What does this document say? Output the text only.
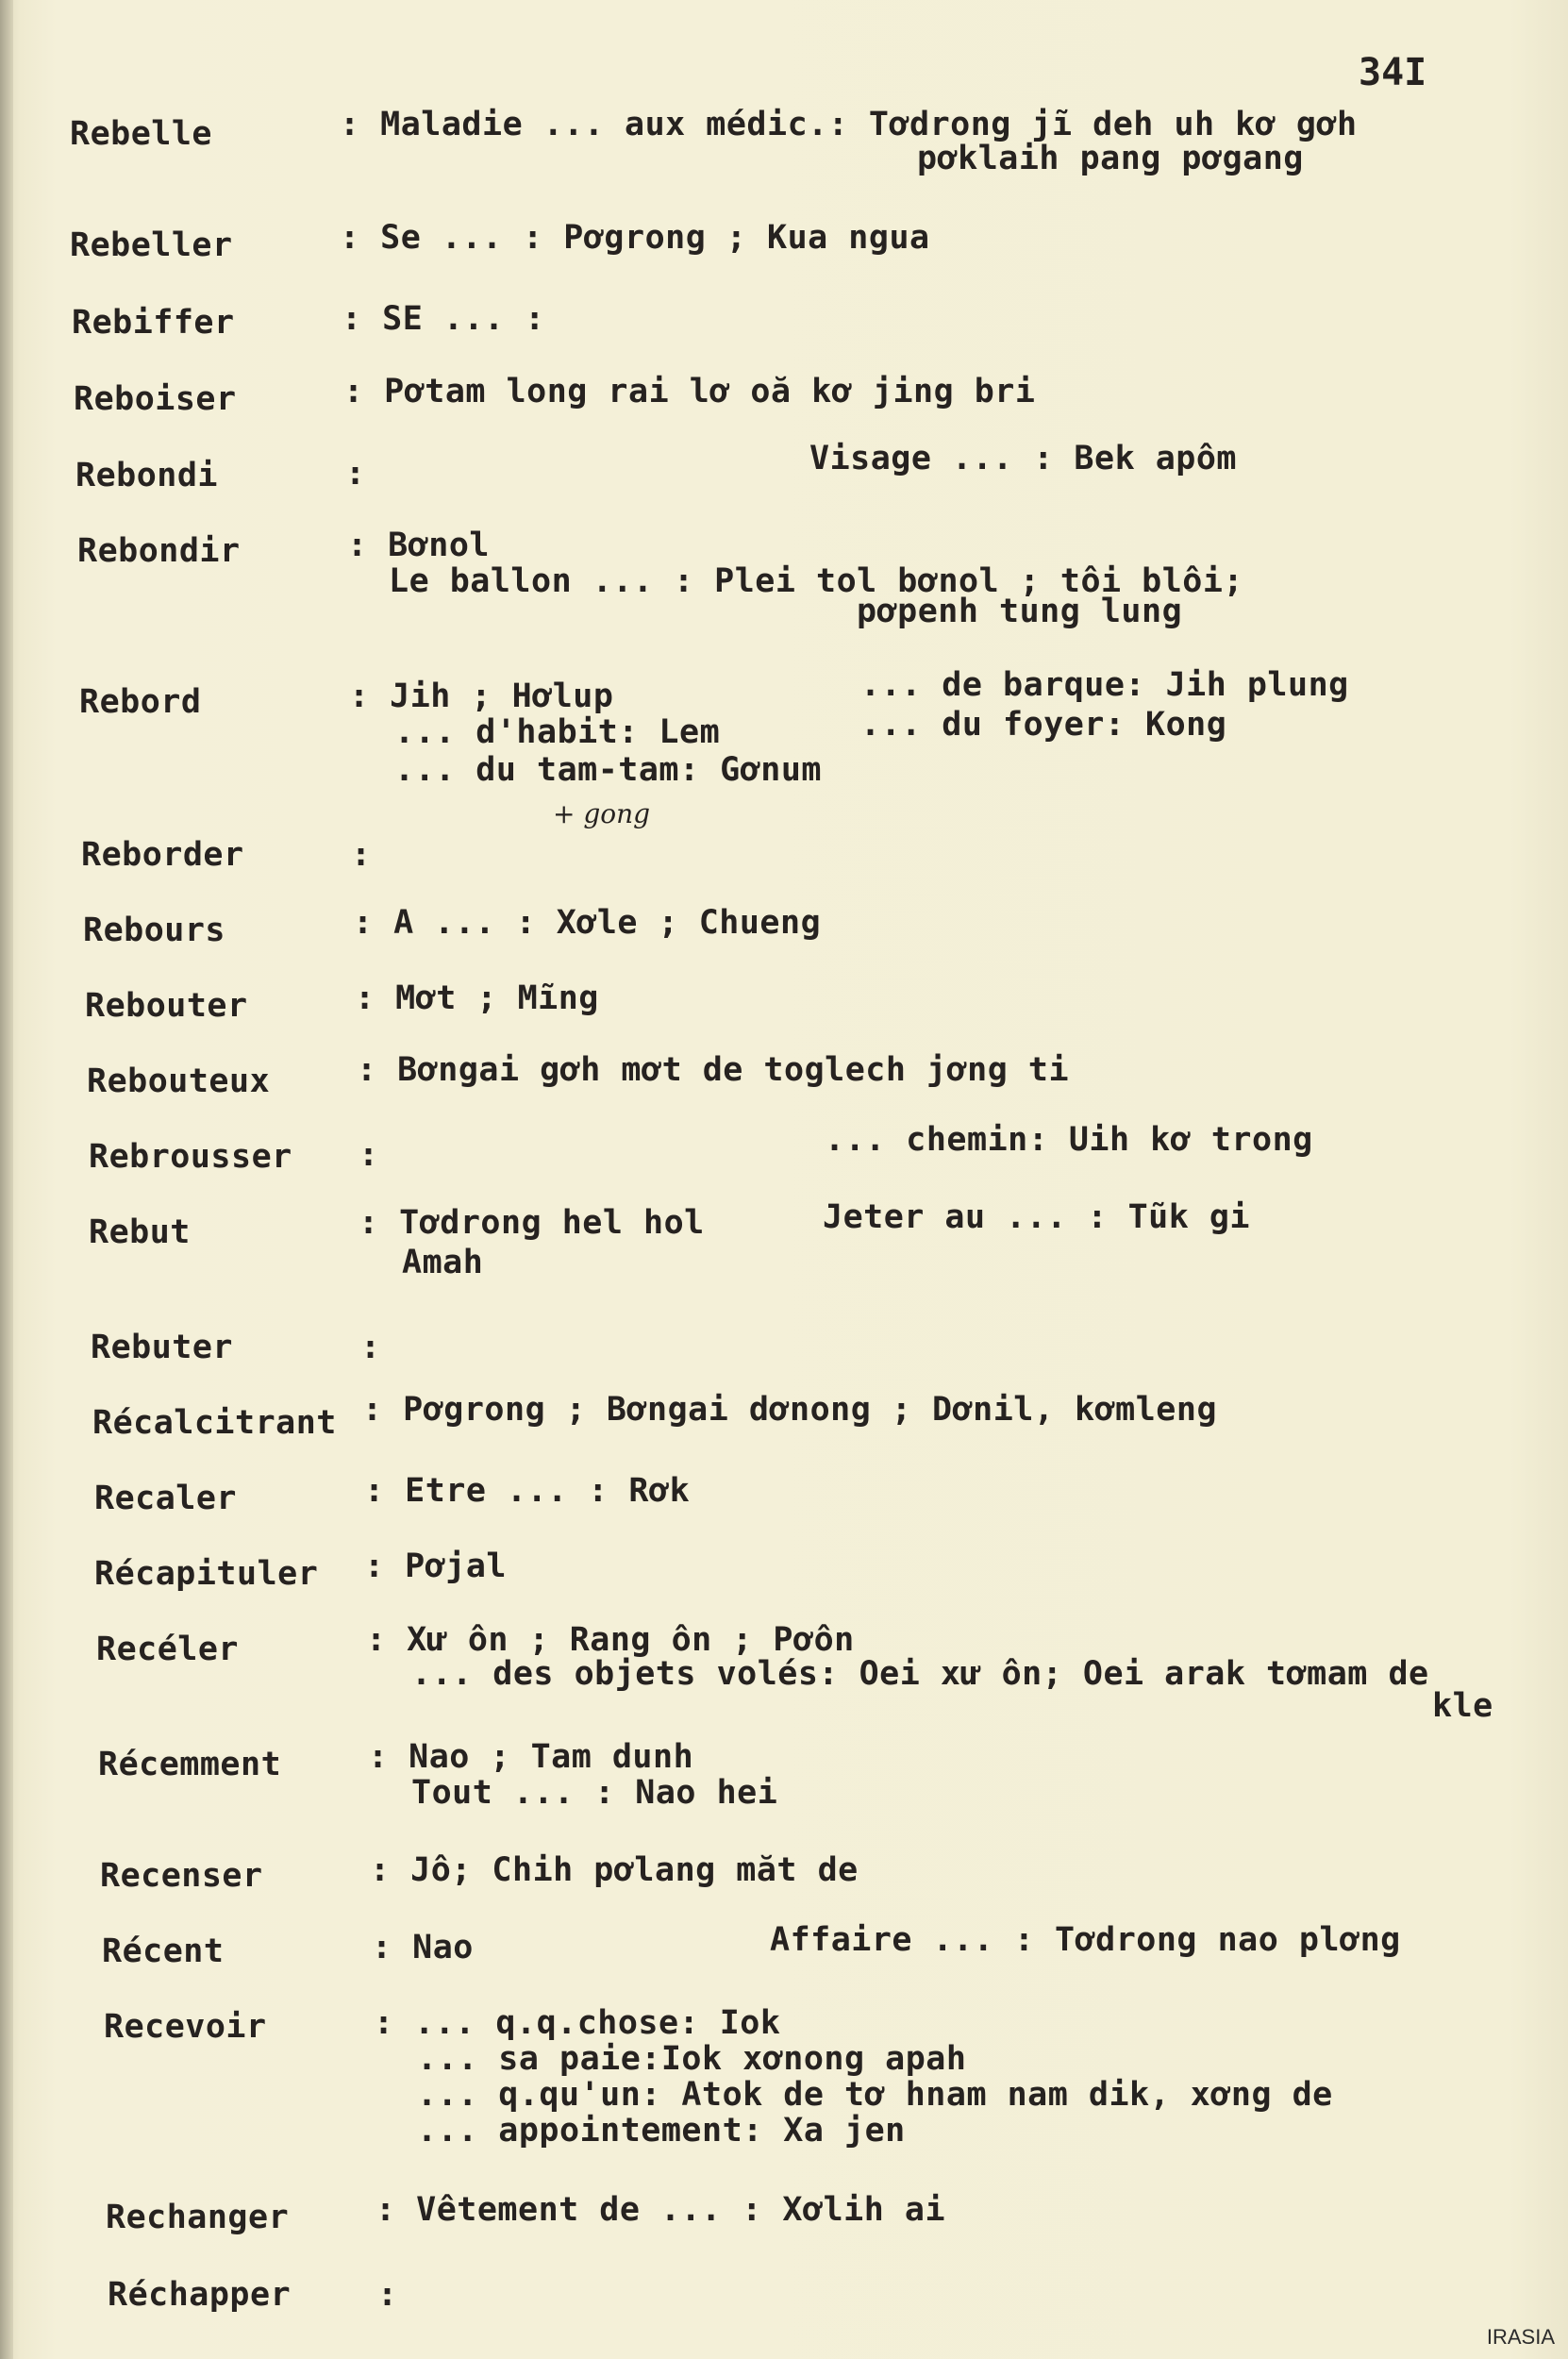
34I
Rebelle	: Maladie ... aux médic.: Tơdrong jĩ deh uh kơ gơh
pơklaih pang pơgang
Rebeller	: Se ... : Pơgrong ; Kua ngua
Rebiffer	: SE ... :
Reboiser	: Pơtam long rai lơ oă kơ jing bri
Rebondi	:	Visage ... : Bek apôm
Rebondir	: Bơnol
Le ballon ... : Plei tol bơnol ; tôi blôi;
pơpenh tung lung
Rebord	: Jih ; Hơlup	... de barque: Jih plung
... d'habit: Lem	... du foyer: Kong
... du tam-tam: Gơnum
+ gong
Reborder	:
Rebours	: A ... : Xơle ; Chueng
Rebouter	: Mơt ; Mĩng
Rebouteux	: Bơngai gơh mơt de toglech jơng ti
Rebrousser :	... chemin: Uih kơ trong
Rebut	: Tơdrong hel hol	Jeter au ... : Tũk gi
Amah
Rebuter	:
Récalcitrant : Pơgrong ; Bơngai dơnong ; Dơnil, kơmleng
Recaler	: Etre ... : Rơk
Récapituler : Pơjal
Recéler	: Xư ôn ; Rang ôn ; Pơôn
... des objets volés: Oei xư ôn; Oei arak tơmam de
kle
Récemment	: Nao ; Tam dunh
Tout ... : Nao hei
Recenser	: Jô; Chih pơlang măt de
Récent	: Nao	Affaire ... : Tơdrong nao plơng
Recevoir	: ... q.q.chose: Iok
... sa paie:Iok xơnong apah
... q.qu'un: Atok de tơ hnam nam dik, xơng de
... appointement: Xa jen
Rechanger	: Vêtement de ... : Xơlih ai
Réchapper	:
IRASIA
